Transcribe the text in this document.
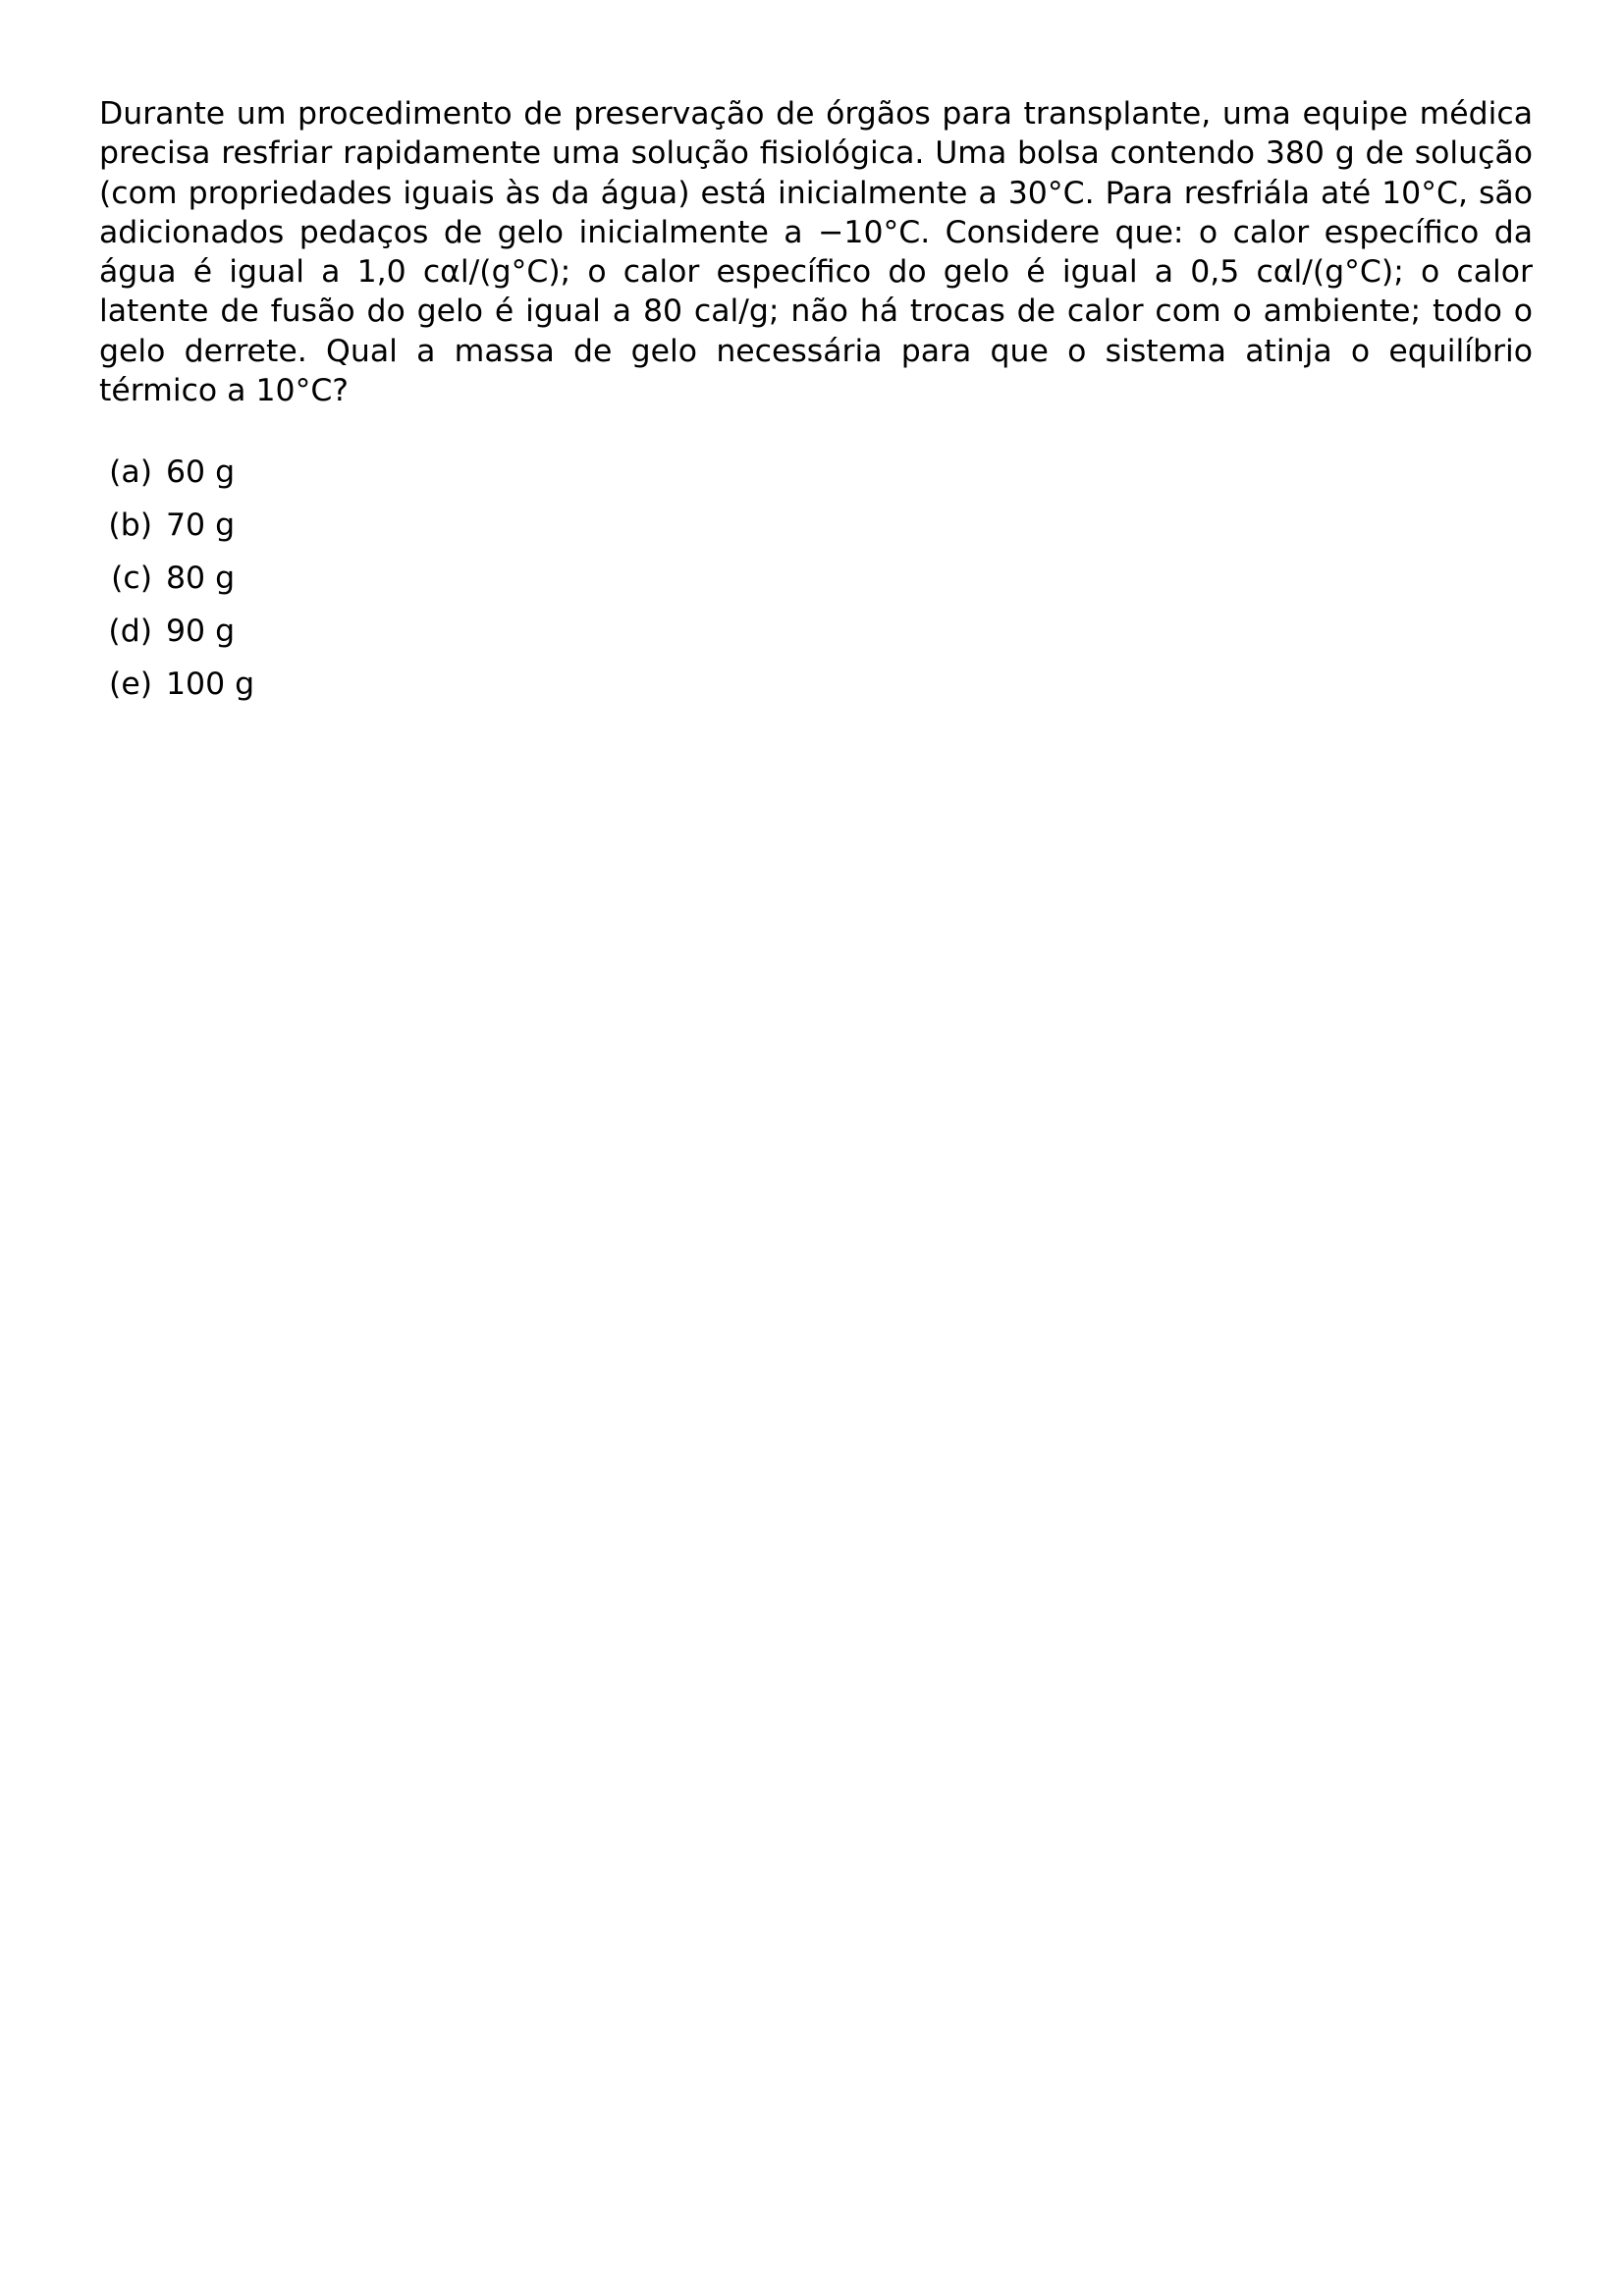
Durante um procedimento de preservação de órgãos para transplante, uma equipe médica precisa resfriar rapidamente uma solução fisiológica. Uma bolsa contendo 380 g de solução (com propriedades iguais às da água) está inicialmente a 30°C. Para resfriála até 10°C, são adicionados pedaços de gelo inicialmente a −10°C. Considere que: o calor específico da água é igual a 1,0 cαl/(g°C); o calor específico do gelo é igual a 0,5 cαl/(g°C); o calor latente de fusão do gelo é igual a 80 cal/g; não há trocas de calor com o ambiente; todo o gelo derrete. Qual a massa de gelo necessária para que o sistema atinja o equilíbrio térmico a 10°C?

(a) 60 g
(b) 70 g
(c) 80 g
(d) 90 g
(e) 100 g
